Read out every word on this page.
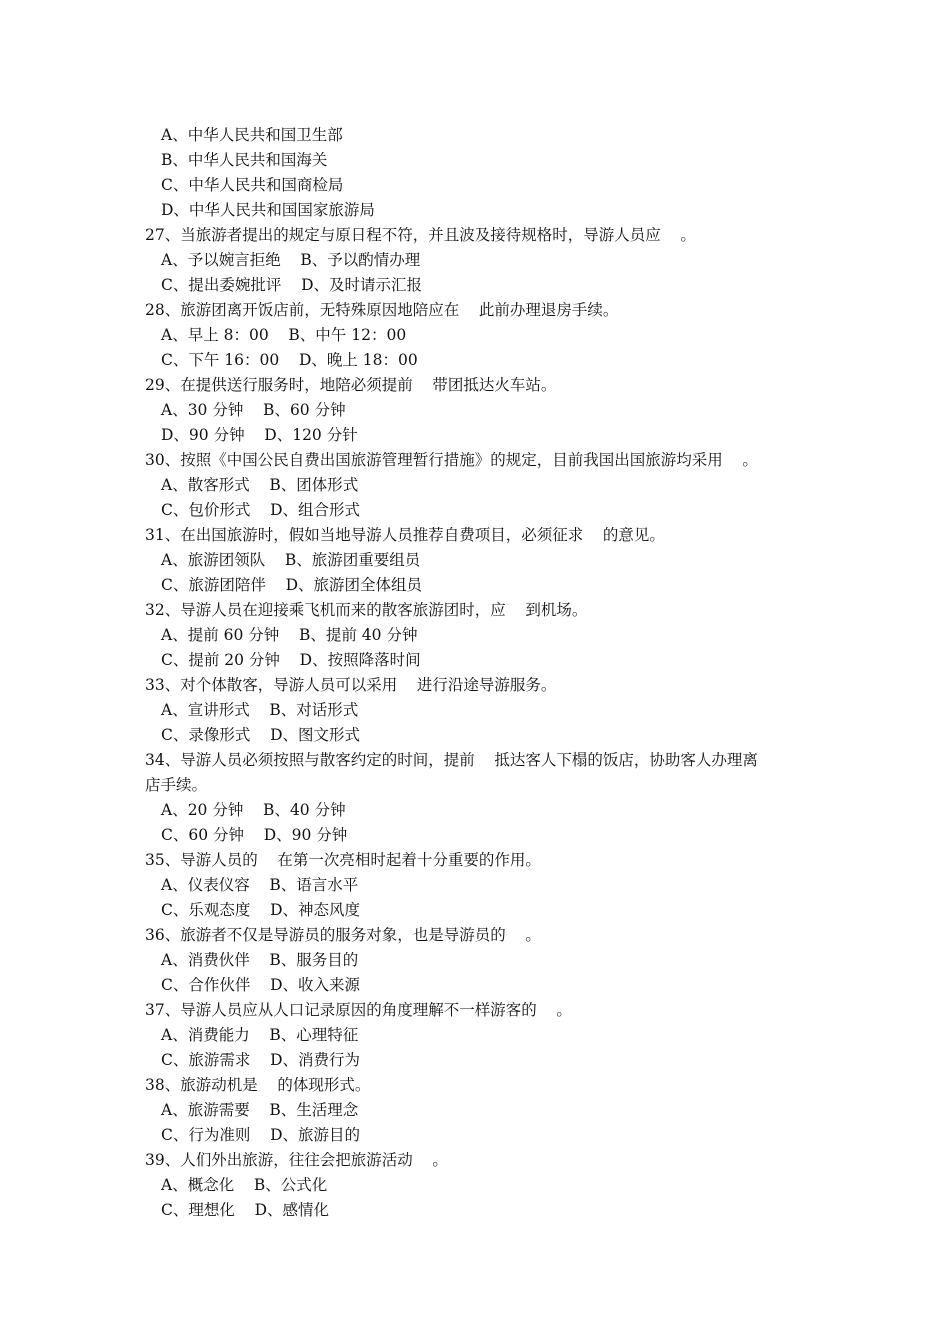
A、中华人民共和国卫生部
B、中华人民共和国海关
C、中华人民共和国商检局
D、中华人民共和国国家旅游局
27、当旅游者提出的规定与原日程不符，并且波及接待规格时，导游人员应    。
A、予以婉言拒绝    B、予以酌情办理
C、提出委婉批评    D、及时请示汇报
28、旅游团离开饭店前，无特殊原因地陪应在    此前办理退房手续。
A、早上 8：00    B、中午 12：00
C、下午 16：00    D、晚上 18：00
29、在提供送行服务时，地陪必须提前    带团抵达火车站。
A、30 分钟    B、60 分钟
D、90 分钟    D、120 分针
30、按照《中国公民自费出国旅游管理暂行措施》的规定，目前我国出国旅游均采用    。
A、散客形式    B、团体形式
C、包价形式    D、组合形式
31、在出国旅游时，假如当地导游人员推荐自费项目，必须征求    的意见。
A、旅游团领队    B、旅游团重要组员
C、旅游团陪伴    D、旅游团全体组员
32、导游人员在迎接乘飞机而来的散客旅游团时，应    到机场。
A、提前 60 分钟    B、提前 40 分钟
C、提前 20 分钟    D、按照降落时间
33、对个体散客，导游人员可以采用    进行沿途导游服务。
A、宣讲形式    B、对话形式
C、录像形式    D、图文形式
34、导游人员必须按照与散客约定的时间，提前    抵达客人下榻的饭店，协助客人办理离
店手续。
A、20 分钟    B、40 分钟
C、60 分钟    D、90 分钟
35、导游人员的    在第一次亮相时起着十分重要的作用。
A、仪表仪容    B、语言水平
C、乐观态度    D、神态风度
36、旅游者不仅是导游员的服务对象，也是导游员的    。
A、消费伙伴    B、服务目的
C、合作伙伴    D、收入来源
37、导游人员应从人口记录原因的角度理解不一样游客的    。
A、消费能力    B、心理特征
C、旅游需求    D、消费行为
38、旅游动机是    的体现形式。
A、旅游需要    B、生活理念
C、行为准则    D、旅游目的
39、人们外出旅游，往往会把旅游活动    。
A、概念化    B、公式化
C、理想化    D、感情化
